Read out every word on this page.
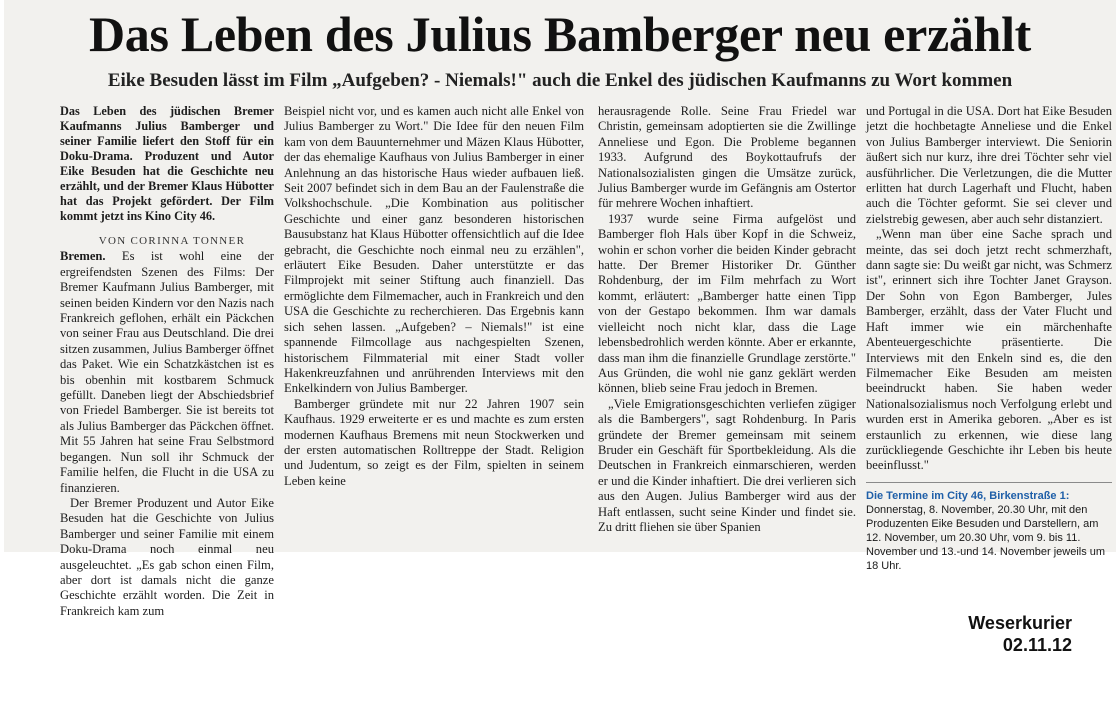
Das Leben des Julius Bamberger neu erzählt
Eike Besuden lässt im Film „Aufgeben? - Niemals!" auch die Enkel des jüdischen Kaufmanns zu Wort kommen

Das Leben des jüdischen Bremer Kaufmanns Julius Bamberger und seiner Familie liefert den Stoff für ein Doku-Drama. Produzent und Autor Eike Besuden hat die Geschichte neu erzählt, und der Bremer Klaus Hübotter hat das Projekt gefördert. Der Film kommt jetzt ins Kino City 46.

VON CORINNA TONNER

Bremen. Es ist wohl eine der ergreifendsten Szenen des Films: Der Bremer Kaufmann Julius Bamberger, mit seinen beiden Kindern vor den Nazis nach Frankreich geflohen, erhält ein Päckchen von seiner Frau aus Deutschland. Die drei sitzen zusammen, Julius Bamberger öffnet das Paket. Wie ein Schatzkästchen ist es bis obenhin mit kostbarem Schmuck gefüllt. Daneben liegt der Abschiedsbrief von Friedel Bamberger. Sie ist bereits tot als Julius Bamberger das Päckchen öffnet. Mit 55 Jahren hat seine Frau Selbstmord begangen. Nun soll ihr Schmuck der Familie helfen, die Flucht in die USA zu finanzieren.

Der Bremer Produzent und Autor Eike Besuden hat die Geschichte von Julius Bamberger und seiner Familie mit einem Doku-Drama noch einmal neu ausgeleuchtet. „Es gab schon einen Film, aber dort ist damals nicht die ganze Geschichte erzählt worden. Die Zeit in Frankreich kam zum

Beispiel nicht vor, und es kamen auch nicht alle Enkel von Julius Bamberger zu Wort." Die Idee für den neuen Film kam von dem Bauunternehmer und Mäzen Klaus Hübotter, der das ehemalige Kaufhaus von Julius Bamberger in einer Anlehnung an das historische Haus wieder aufbauen ließ. Seit 2007 befindet sich in dem Bau an der Faulenstraße die Volkshochschule. „Die Kombination aus politischer Geschichte und einer ganz besonderen historischen Bausubstanz hat Klaus Hübotter offensichtlich auf die Idee gebracht, die Geschichte noch einmal neu zu erzählen", erläutert Eike Besuden. Daher unterstützte er das Filmprojekt mit seiner Stiftung auch finanziell. Das ermöglichte dem Filmemacher, auch in Frankreich und den USA die Geschichte zu recherchieren. Das Ergebnis kann sich sehen lassen. „Aufgeben? – Niemals!" ist eine spannende Filmcollage aus nachgespielten Szenen, historischem Filmmaterial mit einer Stadt voller Hakenkreuzfahnen und anrührenden Interviews mit den Enkelkindern von Julius Bamberger.

Bamberger gründete mit nur 22 Jahren 1907 sein Kaufhaus. 1929 erweiterte er es und machte es zum ersten modernen Kaufhaus Bremens mit neun Stockwerken und der ersten automatischen Rolltreppe der Stadt. Religion und Judentum, so zeigt es der Film, spielten in seinem Leben keine

herausragende Rolle. Seine Frau Friedel war Christin, gemeinsam adoptierten sie die Zwillinge Anneliese und Egon. Die Probleme begannen 1933. Aufgrund des Boykottaufrufs der Nationalsozialisten gingen die Umsätze zurück, Julius Bamberger wurde im Gefängnis am Ostertor für mehrere Wochen inhaftiert.

1937 wurde seine Firma aufgelöst und Bamberger floh Hals über Kopf in die Schweiz, wohin er schon vorher die beiden Kinder gebracht hatte. Der Bremer Historiker Dr. Günther Rohdenburg, der im Film mehrfach zu Wort kommt, erläutert: „Bamberger hatte einen Tipp von der Gestapo bekommen. Ihm war damals vielleicht noch nicht klar, dass die Lage lebensbedrohlich werden könnte. Aber er erkannte, dass man ihm die finanzielle Grundlage zerstörte." Aus Gründen, die wohl nie ganz geklärt werden können, blieb seine Frau jedoch in Bremen.

„Viele Emigrationsgeschichten verliefen zügiger als die Bambergers", sagt Rohdenburg. In Paris gründete der Bremer gemeinsam mit seinem Bruder ein Geschäft für Sportbekleidung. Als die Deutschen in Frankreich einmarschieren, werden er und die Kinder inhaftiert. Die drei verlieren sich aus den Augen. Julius Bamberger wird aus der Haft entlassen, sucht seine Kinder und findet sie. Zu dritt fliehen sie über Spanien

und Portugal in die USA. Dort hat Eike Besuden jetzt die hochbetagte Anneliese und die Enkel von Julius Bamberger interviewt. Die Seniorin äußert sich nur kurz, ihre drei Töchter sehr viel ausführlicher. Die Verletzungen, die die Mutter erlitten hat durch Lagerhaft und Flucht, haben auch die Töchter geformt. Sie sei clever und zielstrebig gewesen, aber auch sehr distanziert.

„Wenn man über eine Sache sprach und meinte, das sei doch jetzt recht schmerzhaft, dann sagte sie: Du weißt gar nicht, was Schmerz ist", erinnert sich ihre Tochter Janet Grayson. Der Sohn von Egon Bamberger, Jules Bamberger, erzählt, dass der Vater Flucht und Haft immer wie ein märchenhafte Abenteuergeschichte präsentierte. Die Interviews mit den Enkeln sind es, die den Filmemacher Eike Besuden am meisten beeindruckt haben. Sie haben weder Nationalsozialismus noch Verfolgung erlebt und wurden erst in Amerika geboren. „Aber es ist erstaunlich zu erkennen, wie diese lang zurückliegende Geschichte ihr Leben bis heute beeinflusst."

Die Termine im City 46, Birkenstraße 1: Donnerstag, 8. November, 20.30 Uhr, mit den Produzenten Eike Besuden und Darstellern, am 12. November, um 20.30 Uhr, vom 9. bis 11. November und 13.-und 14. November jeweils um 18 Uhr.
Weserkurier
02.11.12
